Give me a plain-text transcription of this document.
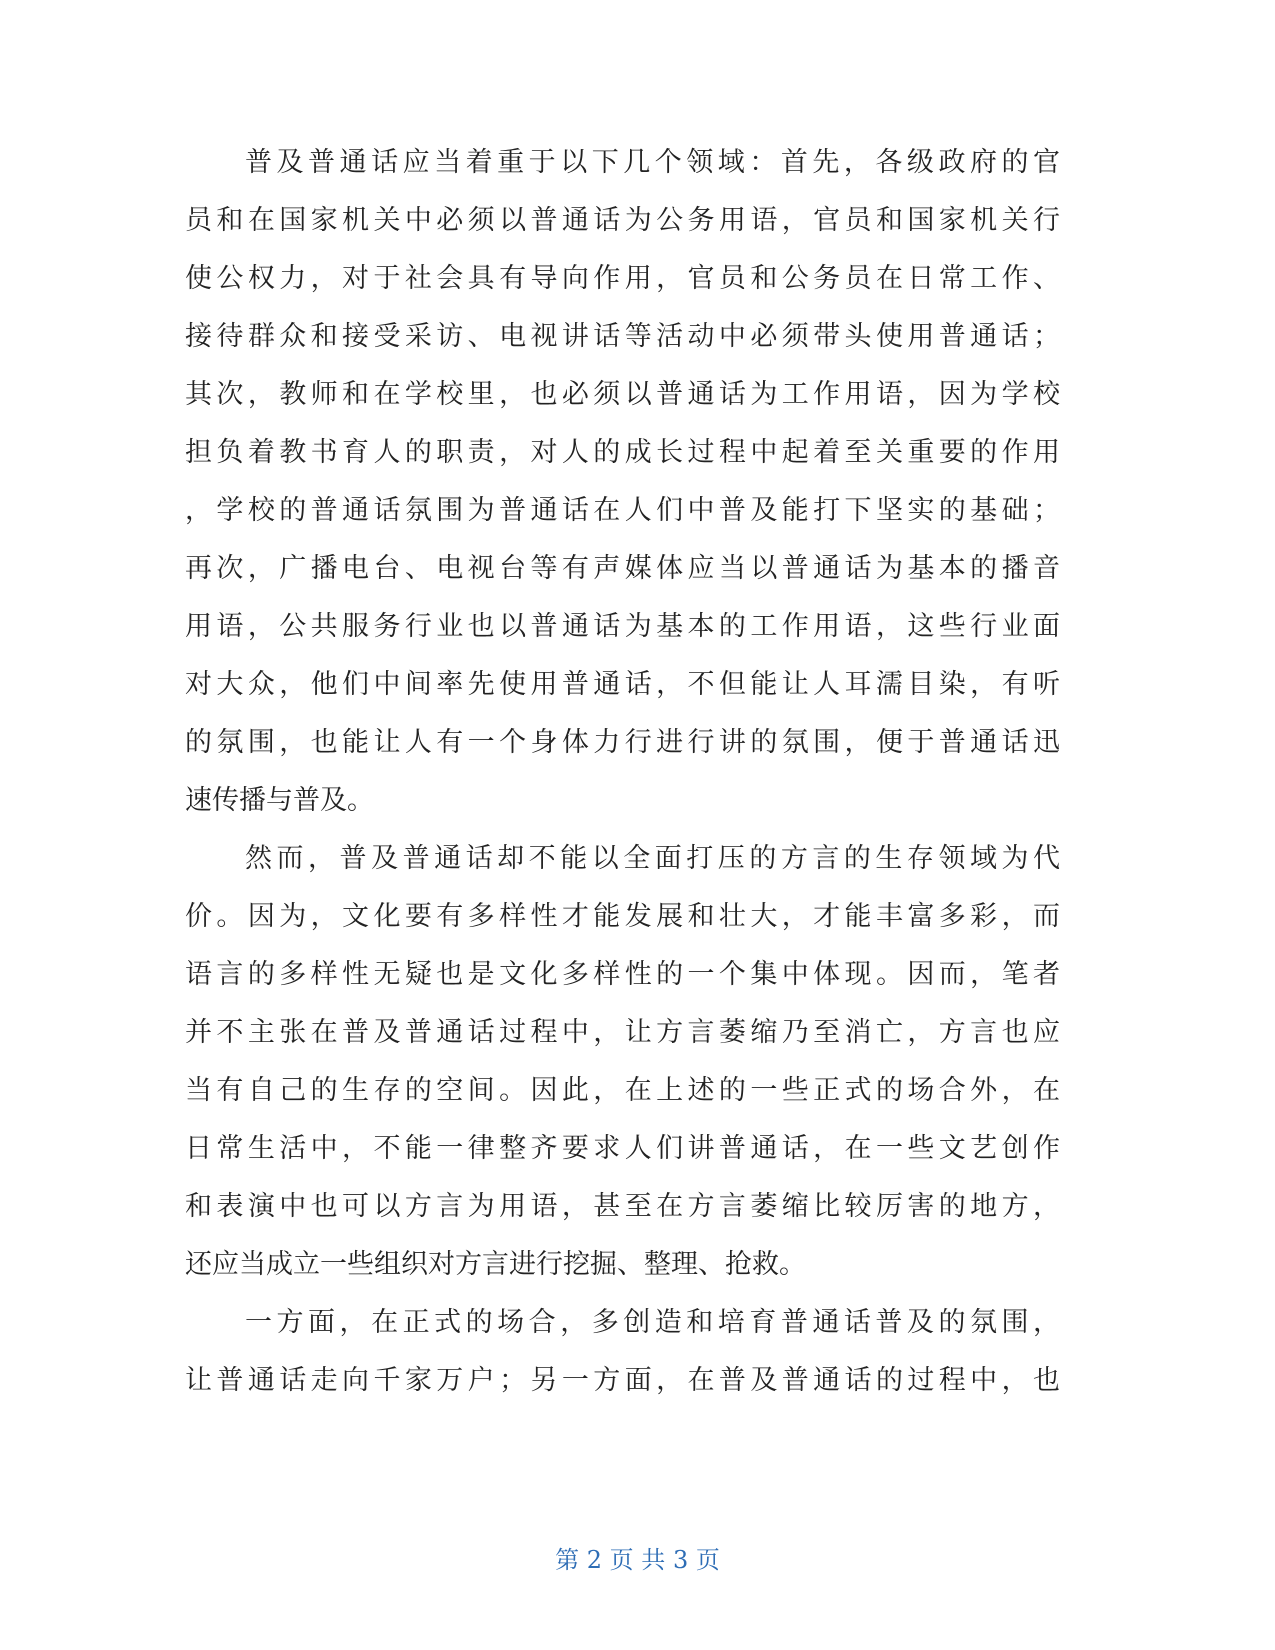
普及普通话应当着重于以下几个领域：首先，各级政府的官
员和在国家机关中必须以普通话为公务用语，官员和国家机关行
使公权力，对于社会具有导向作用，官员和公务员在日常工作、
接待群众和接受采访、电视讲话等活动中必须带头使用普通话；
其次，教师和在学校里，也必须以普通话为工作用语，因为学校
担负着教书育人的职责，对人的成长过程中起着至关重要的作用
，学校的普通话氛围为普通话在人们中普及能打下坚实的基础；
再次，广播电台、电视台等有声媒体应当以普通话为基本的播音
用语，公共服务行业也以普通话为基本的工作用语，这些行业面
对大众，他们中间率先使用普通话，不但能让人耳濡目染，有听
的氛围，也能让人有一个身体力行进行讲的氛围，便于普通话迅
速传播与普及。
然而，普及普通话却不能以全面打压的方言的生存领域为代
价。因为，文化要有多样性才能发展和壮大，才能丰富多彩，而
语言的多样性无疑也是文化多样性的一个集中体现。因而，笔者
并不主张在普及普通话过程中，让方言萎缩乃至消亡，方言也应
当有自己的生存的空间。因此，在上述的一些正式的场合外，在
日常生活中，不能一律整齐要求人们讲普通话，在一些文艺创作
和表演中也可以方言为用语，甚至在方言萎缩比较厉害的地方，
还应当成立一些组织对方言进行挖掘、整理、抢救。
一方面，在正式的场合，多创造和培育普通话普及的氛围，
让普通话走向千家万户；另一方面，在普及普通话的过程中，也
第 2 页 共 3 页
